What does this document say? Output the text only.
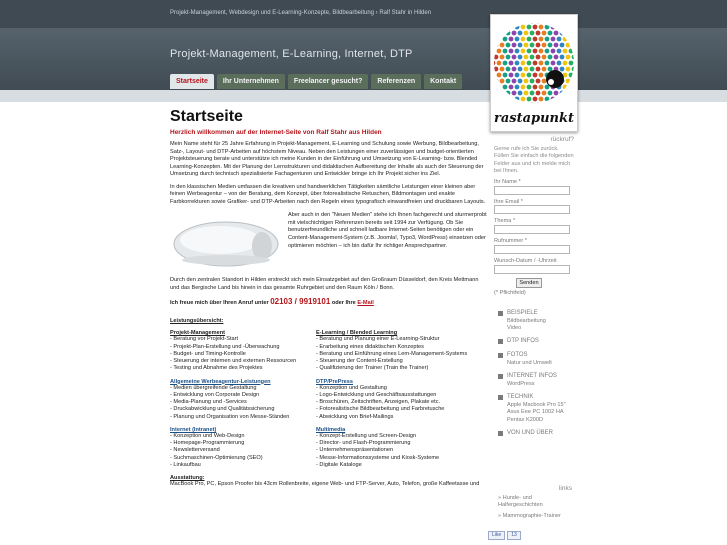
Projekt-Management, Webdesign und E-Learning-Konzepte, Bildbearbeitung › Ralf Stahr in Hilden
Projekt-Management, E-Learning, Internet, DTP
Startseite	Ihr Unternehmen	Freelancer gesucht?	Referenzen	Kontakt
rastapunkt
Startseite
Herzlich willkommen auf der Internet-Seite von Ralf Stahr aus Hilden

Mein Name steht für 25 Jahre Erfahrung in Projekt-Management, E-Learning und Schulung sowie Werbung, Bildbearbeitung, Satz-, Layout- und DTP-Arbeiten auf höchstem Niveau. Neben den Leistungen einer zuverlässigen und budget-orientierten Projektsteuerung berate und unterstütze ich meine Kunden in der Einführung und Umsetzung von E-Learning- bzw. Blended Learning-Konzepten. Mit der Planung der Lernstrukturen und didaktischen Aufbereitung der Inhalte als auch der Steuerung der Umsetzung durch technisch spezialisierte Fachagenturen und Entwickler bringe ich Ihr Projekt sicher ins Ziel.

In den klassischen Medien umfassen die kreativen und handwerklichen Tätigkeiten sämtliche Leistungen einer kleinen aber feinen Werbeagentur – von der Beratung, dem Konzept, über fotorealistische Retuschen, Bildmontagen und exakte Farbkorrekturen sowie Grafiker- und DTP-Arbeiten nach den Regeln eines typografisch einwandfreien und druckbaren Layouts.

Aber auch in den "Neuen Medien" stehe ich Ihnen fachgerecht und sturmerprobt mit vielschichtigen Referenzen bereits seit 1994 zur Verfügung. Ob Sie benutzerfreundliche und schnell ladbare Internet-Seiten benötigen oder ein Content-Management-System (z.B. Joomla!, Typo3, WordPress) einsetzen oder optimieren möchten – ich bin dafür Ihr richtiger Ansprechpartner.

Durch den zentralen Standort in Hilden erstreckt sich mein Einsatzgebiet auf den Großraum Düsseldorf, den Kreis Mettmann und das Bergische Land bis hinein in das gesamte Ruhrgebiet und den Raum Köln / Bonn.

Ich freue mich über Ihren Anruf unter 02103 / 9919101 oder Ihre E-Mail

Leistungsübersicht:
Projekt-Management
- Beratung vor Projekt-Start
- Projekt-Plan-Erstellung und -Überwachung
- Budget- und Timing-Kontrolle
- Steuerung der internen und externen Ressourcen
- Testing und Abnahme des Projektes
Allgemeine Werbeagentur-Leistungen
- Medien übergreifende Gestaltung
- Entwicklung von Corporate Design
- Media-Planung und -Services
- Druckabwicklung und Qualitätssicherung
- Planung und Organisation von Messe-Ständen
Internet (Intranet)
- Konzeption und Web-Design
- Homepage-Programmierung
- Newsletterversand
- Suchmaschinen-Optimierung (SEO)
- Linkaufbau
E-Learning / Blended Learning
- Beratung und Planung einer E-Learning-Struktur
- Erarbeitung eines didaktischen Konzeptes
- Beratung und Einführung eines Lern-Management-Systems
- Steuerung der Content-Erstellung
- Qualifizierung der Trainer (Train the Trainer)
DTP/PrePress
- Konzeption und Gestaltung
- Logo-Entwicklung und Geschäftsausstattungen
- Broschüren, Zeitschriften, Anzeigen, Plakate etc.
- Fotorealistische Bildbearbeitung und Farbretusche
- Abwicklung von Brief-Mailings
Multimedia
- Konzept-Erstellung und Screen-Design
- Director- und Flash-Programmierung
- Unternehmenspräsentationen
- Messe-Informationssysteme und Kiosk-Systeme
- Digitale Kataloge
Ausstattung:
MacBook Pro, PC, Epson Proofer bis 43cm Rollenbreite, eigene Web- und FTP-Server, Auto, Telefon, große Kaffeetasse und
rückruf?
Gerne rufe ich Sie zurück. Füllen Sie einfach die folgenden Felder aus und ich melde mich bei Ihnen.
Ihr Name *
Ihre Email *
Thema *
Rufnummer *
Wunsch-Datum / -Uhrzeit
Senden
(* Pflichtfeld)
BEISPIELE
Bildbearbeitung
Video
DTP INFOS
FOTOS
Natur und Umwelt
INTERNET INFOS
WordPress
TECHNIK
Apple Macbook Pro 15"
Asus Eee PC 1002 HA
Pentax K200D
VON UND ÜBER
links
» Hunde- und Halfergeschichten
» Mammographie-Trainer
Like	13
